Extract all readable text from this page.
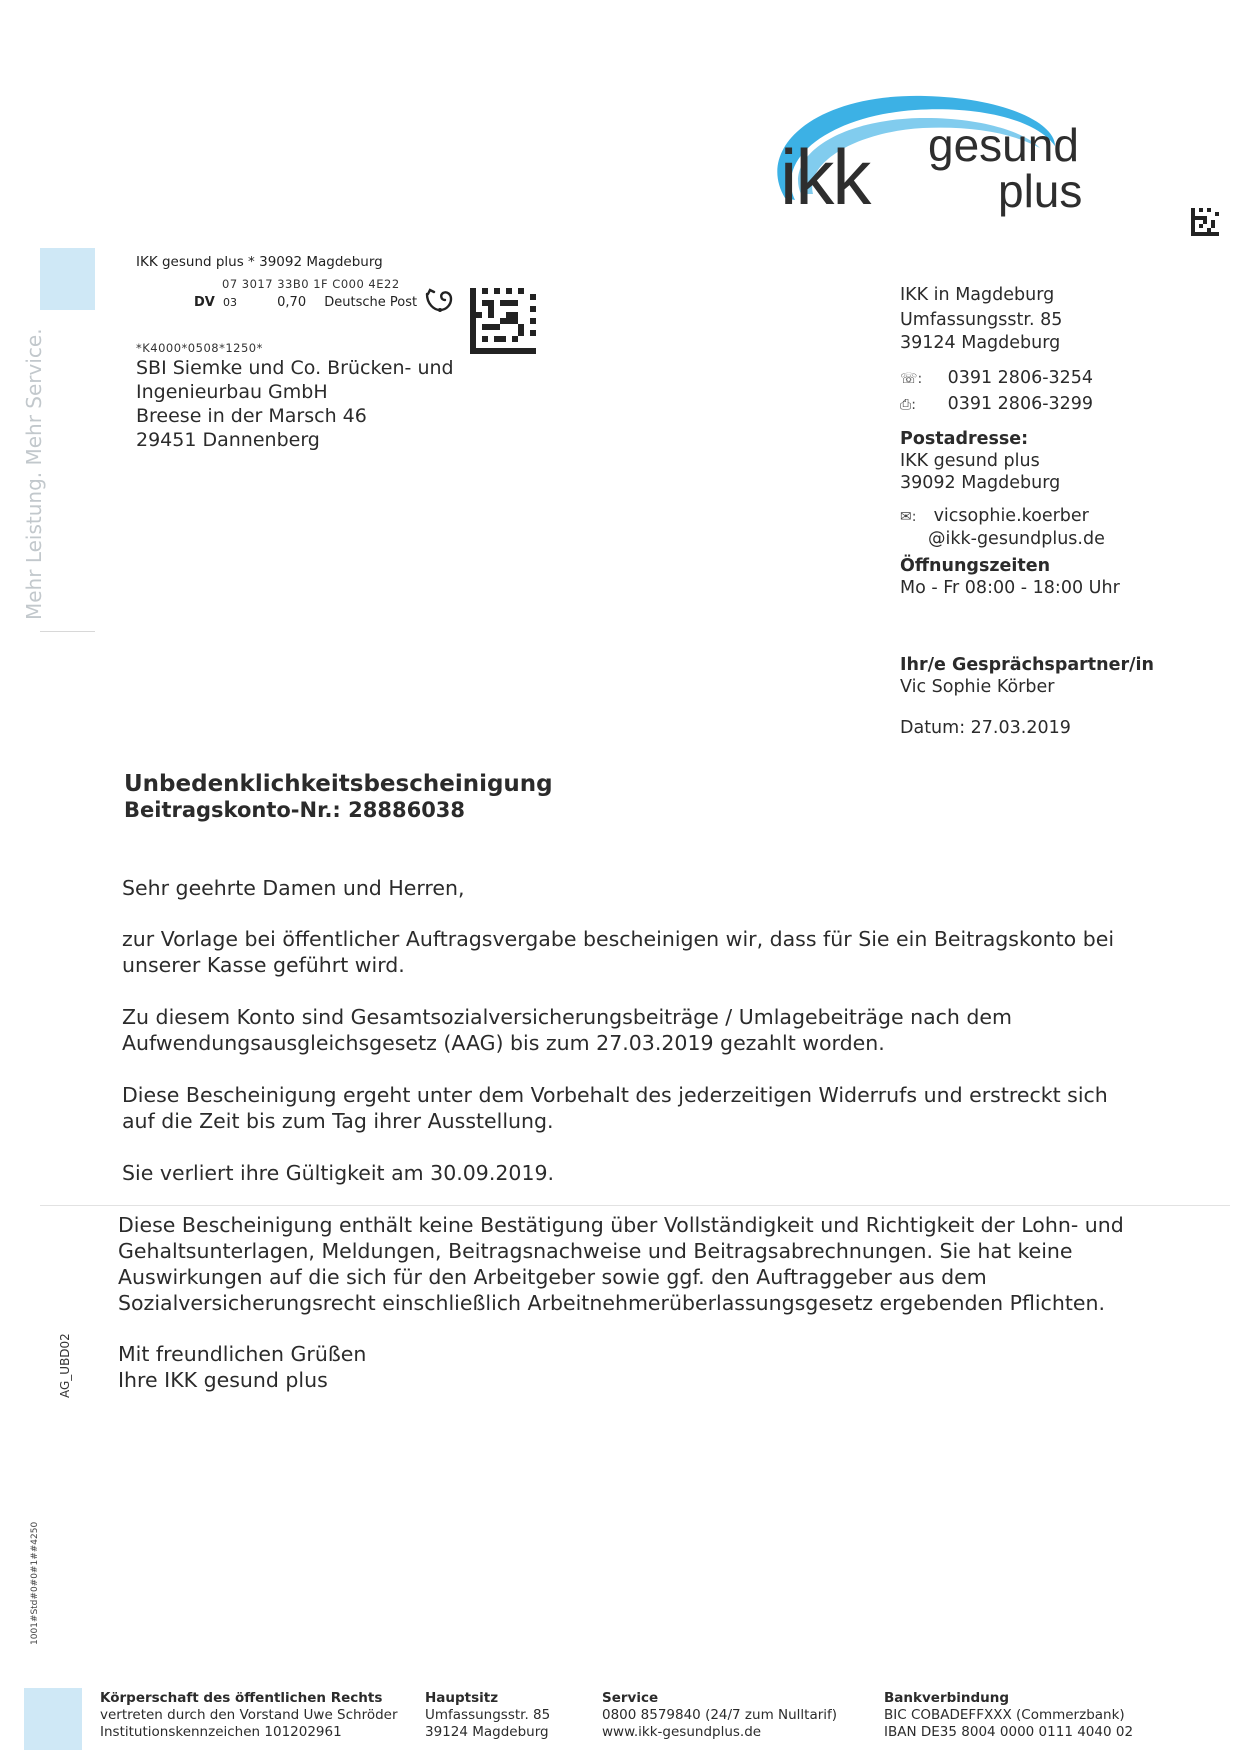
ikk gesund
plus
Mehr Leistung. Mehr Service.
AG_UBD02
1001#Std#0#0#1##4250
IKK gesund plus * 39092 Magdeburg
07 3017 33B0 1F C000 4E22
DV 03	0,70 Deutsche Post
*K4000*0508*1250*
SBI Siemke und Co. Brücken- und
Ingenieurbau GmbH
Breese in der Marsch 46
29451 Dannenberg
IKK in Magdeburg
Umfassungsstr. 85
39124 Magdeburg
☏: 0391 2806-3254
⎙: 0391 2806-3299
Postadresse:
IKK gesund plus
39092 Magdeburg
✉: vicsophie.koerber
@ikk-gesundplus.de
Öffnungszeiten
Mo - Fr 08:00 - 18:00 Uhr
Ihr/e Gesprächspartner/in
Vic Sophie Körber
Datum: 27.03.2019
Unbedenklichkeitsbescheinigung
Beitragskonto-Nr.: 28886038
Sehr geehrte Damen und Herren,
zur Vorlage bei öffentlicher Auftragsvergabe bescheinigen wir, dass für Sie ein Beitragskonto bei
unserer Kasse geführt wird.
Zu diesem Konto sind Gesamtsozialversicherungsbeiträge / Umlagebeiträge nach dem
Aufwendungsausgleichsgesetz (AAG) bis zum 27.03.2019 gezahlt worden.
Diese Bescheinigung ergeht unter dem Vorbehalt des jederzeitigen Widerrufs und erstreckt sich
auf die Zeit bis zum Tag ihrer Ausstellung.
Sie verliert ihre Gültigkeit am 30.09.2019.
Diese Bescheinigung enthält keine Bestätigung über Vollständigkeit und Richtigkeit der Lohn- und
Gehaltsunterlagen, Meldungen, Beitragsnachweise und Beitragsabrechnungen. Sie hat keine
Auswirkungen auf die sich für den Arbeitgeber sowie ggf. den Auftraggeber aus dem
Sozialversicherungsrecht einschließlich Arbeitnehmerüberlassungsgesetz ergebenden Pflichten.
Mit freundlichen Grüßen
Ihre IKK gesund plus
Körperschaft des öffentlichen Rechts
vertreten durch den Vorstand Uwe Schröder
Institutionskennzeichen 101202961
Hauptsitz
Umfassungsstr. 85
39124 Magdeburg
Service
0800 8579840 (24/7 zum Nulltarif)
www.ikk-gesundplus.de
Bankverbindung
BIC COBADEFFXXX (Commerzbank)
IBAN DE35 8004 0000 0111 4040 02
